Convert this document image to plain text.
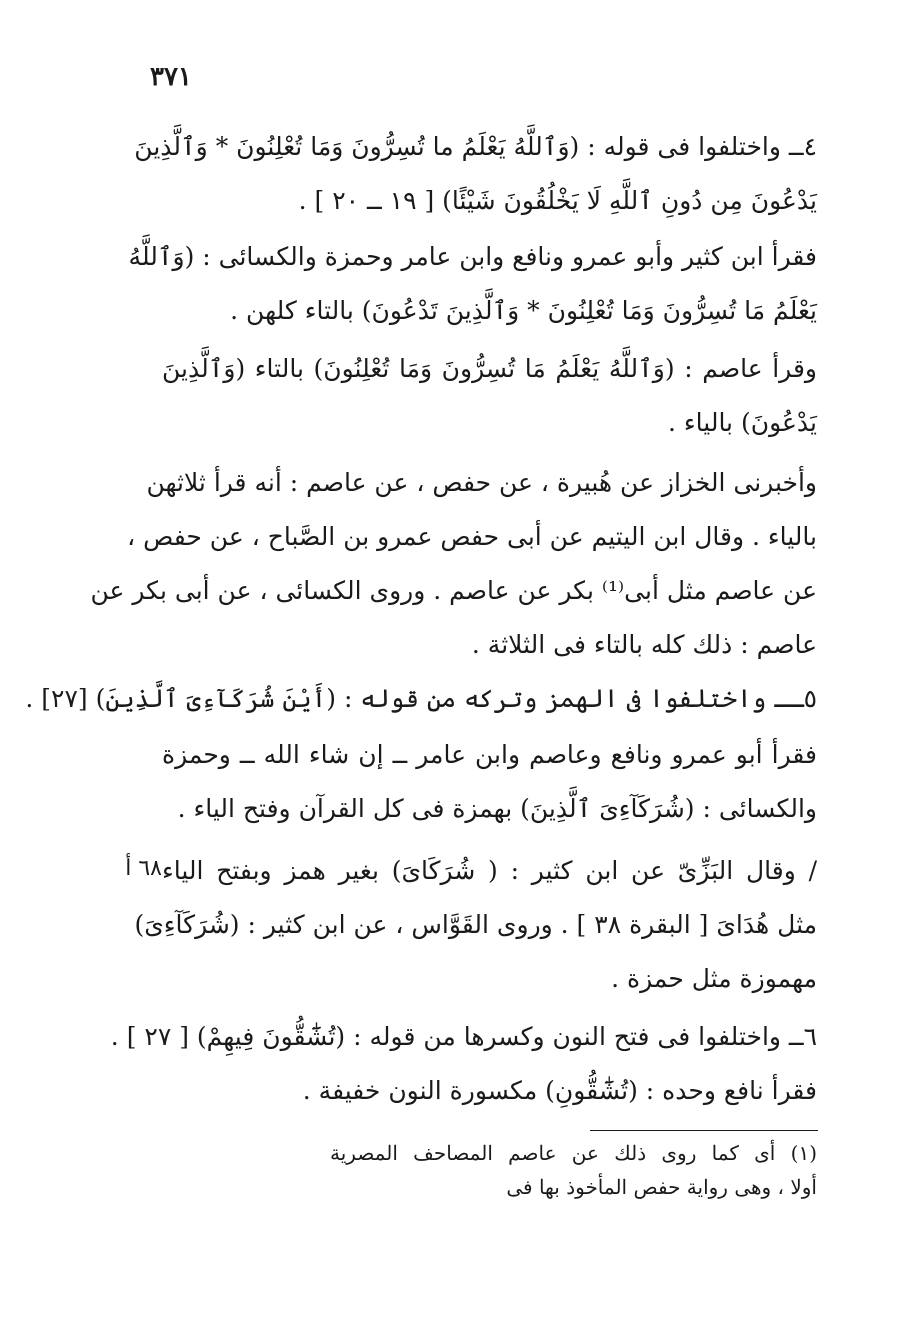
٣٧١
٦٨ أ
٤ــ واختلفوا فى قوله : (وَٱللَّهُ يَعْلَمُ ما تُسِرُّونَ وَمَا تُعْلِنُونَ * وَٱلَّذِينَ
يَدْعُونَ مِن دُونِ ٱللَّهِ لَا يَخْلُقُونَ شَيْئًا) [ ١٩ ــ ٢٠ ] .
فقرأ ابن كثير وأبو عمرو ونافع وابن عامر وحمزة والكسائى : (وَٱللَّهُ
يَعْلَمُ مَا تُسِرُّونَ وَمَا تُعْلِنُونَ * وَٱلَّذِينَ تَدْعُونَ) بالتاء كلهن .
وقرأ عاصم : (وَٱللَّهُ يَعْلَمُ مَا تُسِرُّونَ وَمَا تُعْلِنُونَ) بالتاء (وَٱلَّذِينَ
يَدْعُونَ) بالياء .
وأخبرنى الخزاز عن هُبيرة ، عن حفص ، عن عاصم : أنه قرأ ثلاثهن
بالياء . وقال ابن اليتيم عن أبى حفص عمرو بن الصَّباح ، عن حفص ،
عن عاصم مثل أبى⁽¹⁾ بكر عن عاصم . وروى الكسائى ، عن أبى بكر عن
عاصم : ذلك كله بالتاء فى الثلاثة .
٥ــ واختلفوا فى الهمز وتركه من قوله : (أَيْنَ شُرَكَآءِىَ ٱلَّذِينَ) [٢٧] .
فقرأ أبو عمرو ونافع وعاصم وابن عامر ــ إن شاء الله ــ وحمزة
والكسائى : (شُرَكَآءِىَ ٱلَّذِينَ) بهمزة فى كل القرآن وفتح الياء .
/ وقال البَزِّىّ عن ابن كثير : ( شُرَكَاىَ) بغير همز وبفتح الياء
مثل هُدَاىَ [ البقرة ٣٨ ] . وروى القَوَّاس ، عن ابن كثير : (شُرَكَآءِىَ)
مهموزة مثل حمزة .
٦ــ واختلفوا فى فتح النون وكسرها من قوله : (تُشَٰٓقُّونَ فِيهِمْ) [ ٢٧ ] .
فقرأ نافع وحده : (تُشَٰٓقُّونِ) مكسورة النون خفيفة .
(١) أى كما روى ذلك عن عاصم المصاحف المصرية
أولا ، وهى رواية حفص المأخوذ بها فى
